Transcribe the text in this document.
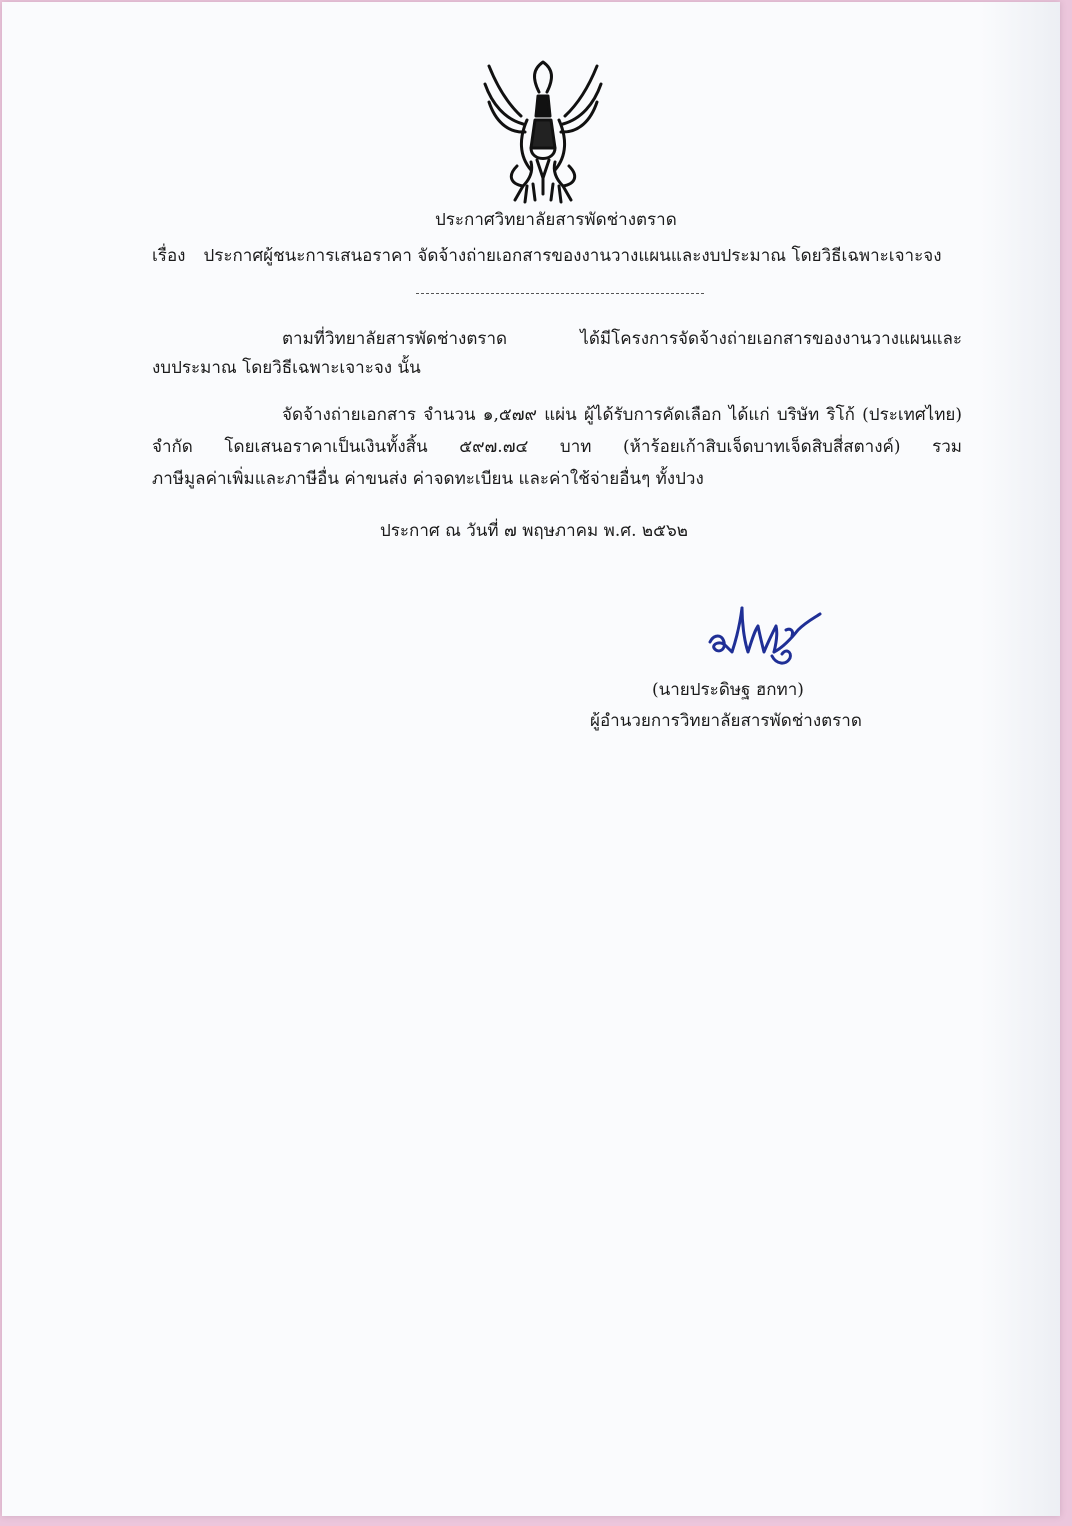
ประกาศวิทยาลัยสารพัดช่างตราด
เรื่อง ประกาศผู้ชนะการเสนอราคา จัดจ้างถ่ายเอกสารของงานวางแผนและงบประมาณ โดยวิธีเฉพาะเจาะจง
ตามที่วิทยาลัยสารพัดช่างตราด ได้มีโครงการจัดจ้างถ่ายเอกสารของงานวางแผนและ
งบประมาณ โดยวิธีเฉพาะเจาะจง นั้น
จัดจ้างถ่ายเอกสาร จำนวน ๑,๕๗๙ แผ่น ผู้ได้รับการคัดเลือก ได้แก่ บริษัท ริโก้ (ประเทศไทย)
จำกัด โดยเสนอราคาเป็นเงินทั้งสิ้น ๕๙๗.๗๔ บาท (ห้าร้อยเก้าสิบเจ็ดบาทเจ็ดสิบสี่สตางค์) รวม
ภาษีมูลค่าเพิ่มและภาษีอื่น ค่าขนส่ง ค่าจดทะเบียน และค่าใช้จ่ายอื่นๆ ทั้งปวง
ประกาศ ณ วันที่ ๗ พฤษภาคม พ.ศ. ๒๕๖๒
(นายประดิษฐ ฮกทา)
ผู้อำนวยการวิทยาลัยสารพัดช่างตราด
